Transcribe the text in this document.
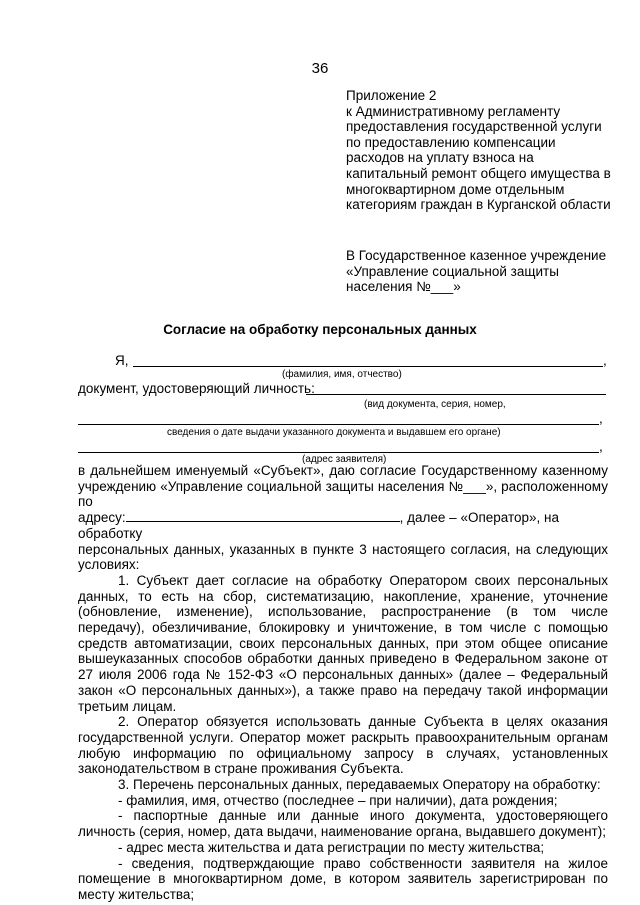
36
Приложение 2
к Административному регламенту
предоставления государственной услуги
по предоставлению компенсации
расходов на уплату взноса на
капитальный ремонт общего имущества в
многоквартирном доме отдельным
категориям граждан в Курганской области
В Государственное казенное учреждение
«Управление социальной защиты
населения №___»
Согласие на обработку персональных данных
Я,	,
(фамилия, имя, отчество)
документ, удостоверяющий личность:
(вид документа, серия, номер,
,
сведения о дате выдачи указанного документа и выдавшем его органе)
,
(адрес заявителя)

в дальнейшем именуемый «Субъект», даю согласие Государственному казенному

учреждению «Управление социальной защиты населения №___», расположенному по

адресу:	, далее – «Оператор», на обработку

персональных данных, указанных в пункте 3 настоящего согласия, на следующих условиях:

1. Субъект дает согласие на обработку Оператором своих персональных данных, то есть на сбор, систематизацию, накопление, хранение, уточнение (обновление, изменение), использование, распространение (в том числе передачу), обезличивание, блокировку и уничтожение, в том числе с помощью средств автоматизации, своих персональных данных, при этом общее описание вышеуказанных способов обработки данных приведено в Федеральном законе от 27 июля 2006 года № 152-ФЗ «О персональных данных» (далее – Федеральный закон «О персональных данных»), а также право на передачу такой информации третьим лицам.

2. Оператор обязуется использовать данные Субъекта в целях оказания государственной услуги. Оператор может раскрыть правоохранительным органам любую информацию по официальному запросу в случаях, установленных законодательством в стране проживания Субъекта.

3. Перечень персональных данных, передаваемых Оператору на обработку:

- фамилия, имя, отчество (последнее – при наличии), дата рождения;

- паспортные данные или данные иного документа, удостоверяющего личность (серия, номер, дата выдачи, наименование органа, выдавшего документ);

- адрес места жительства и дата регистрации по месту жительства;

- сведения, подтверждающие право собственности заявителя на жилое помещение в многоквартирном доме, в котором заявитель зарегистрирован по месту жительства;
